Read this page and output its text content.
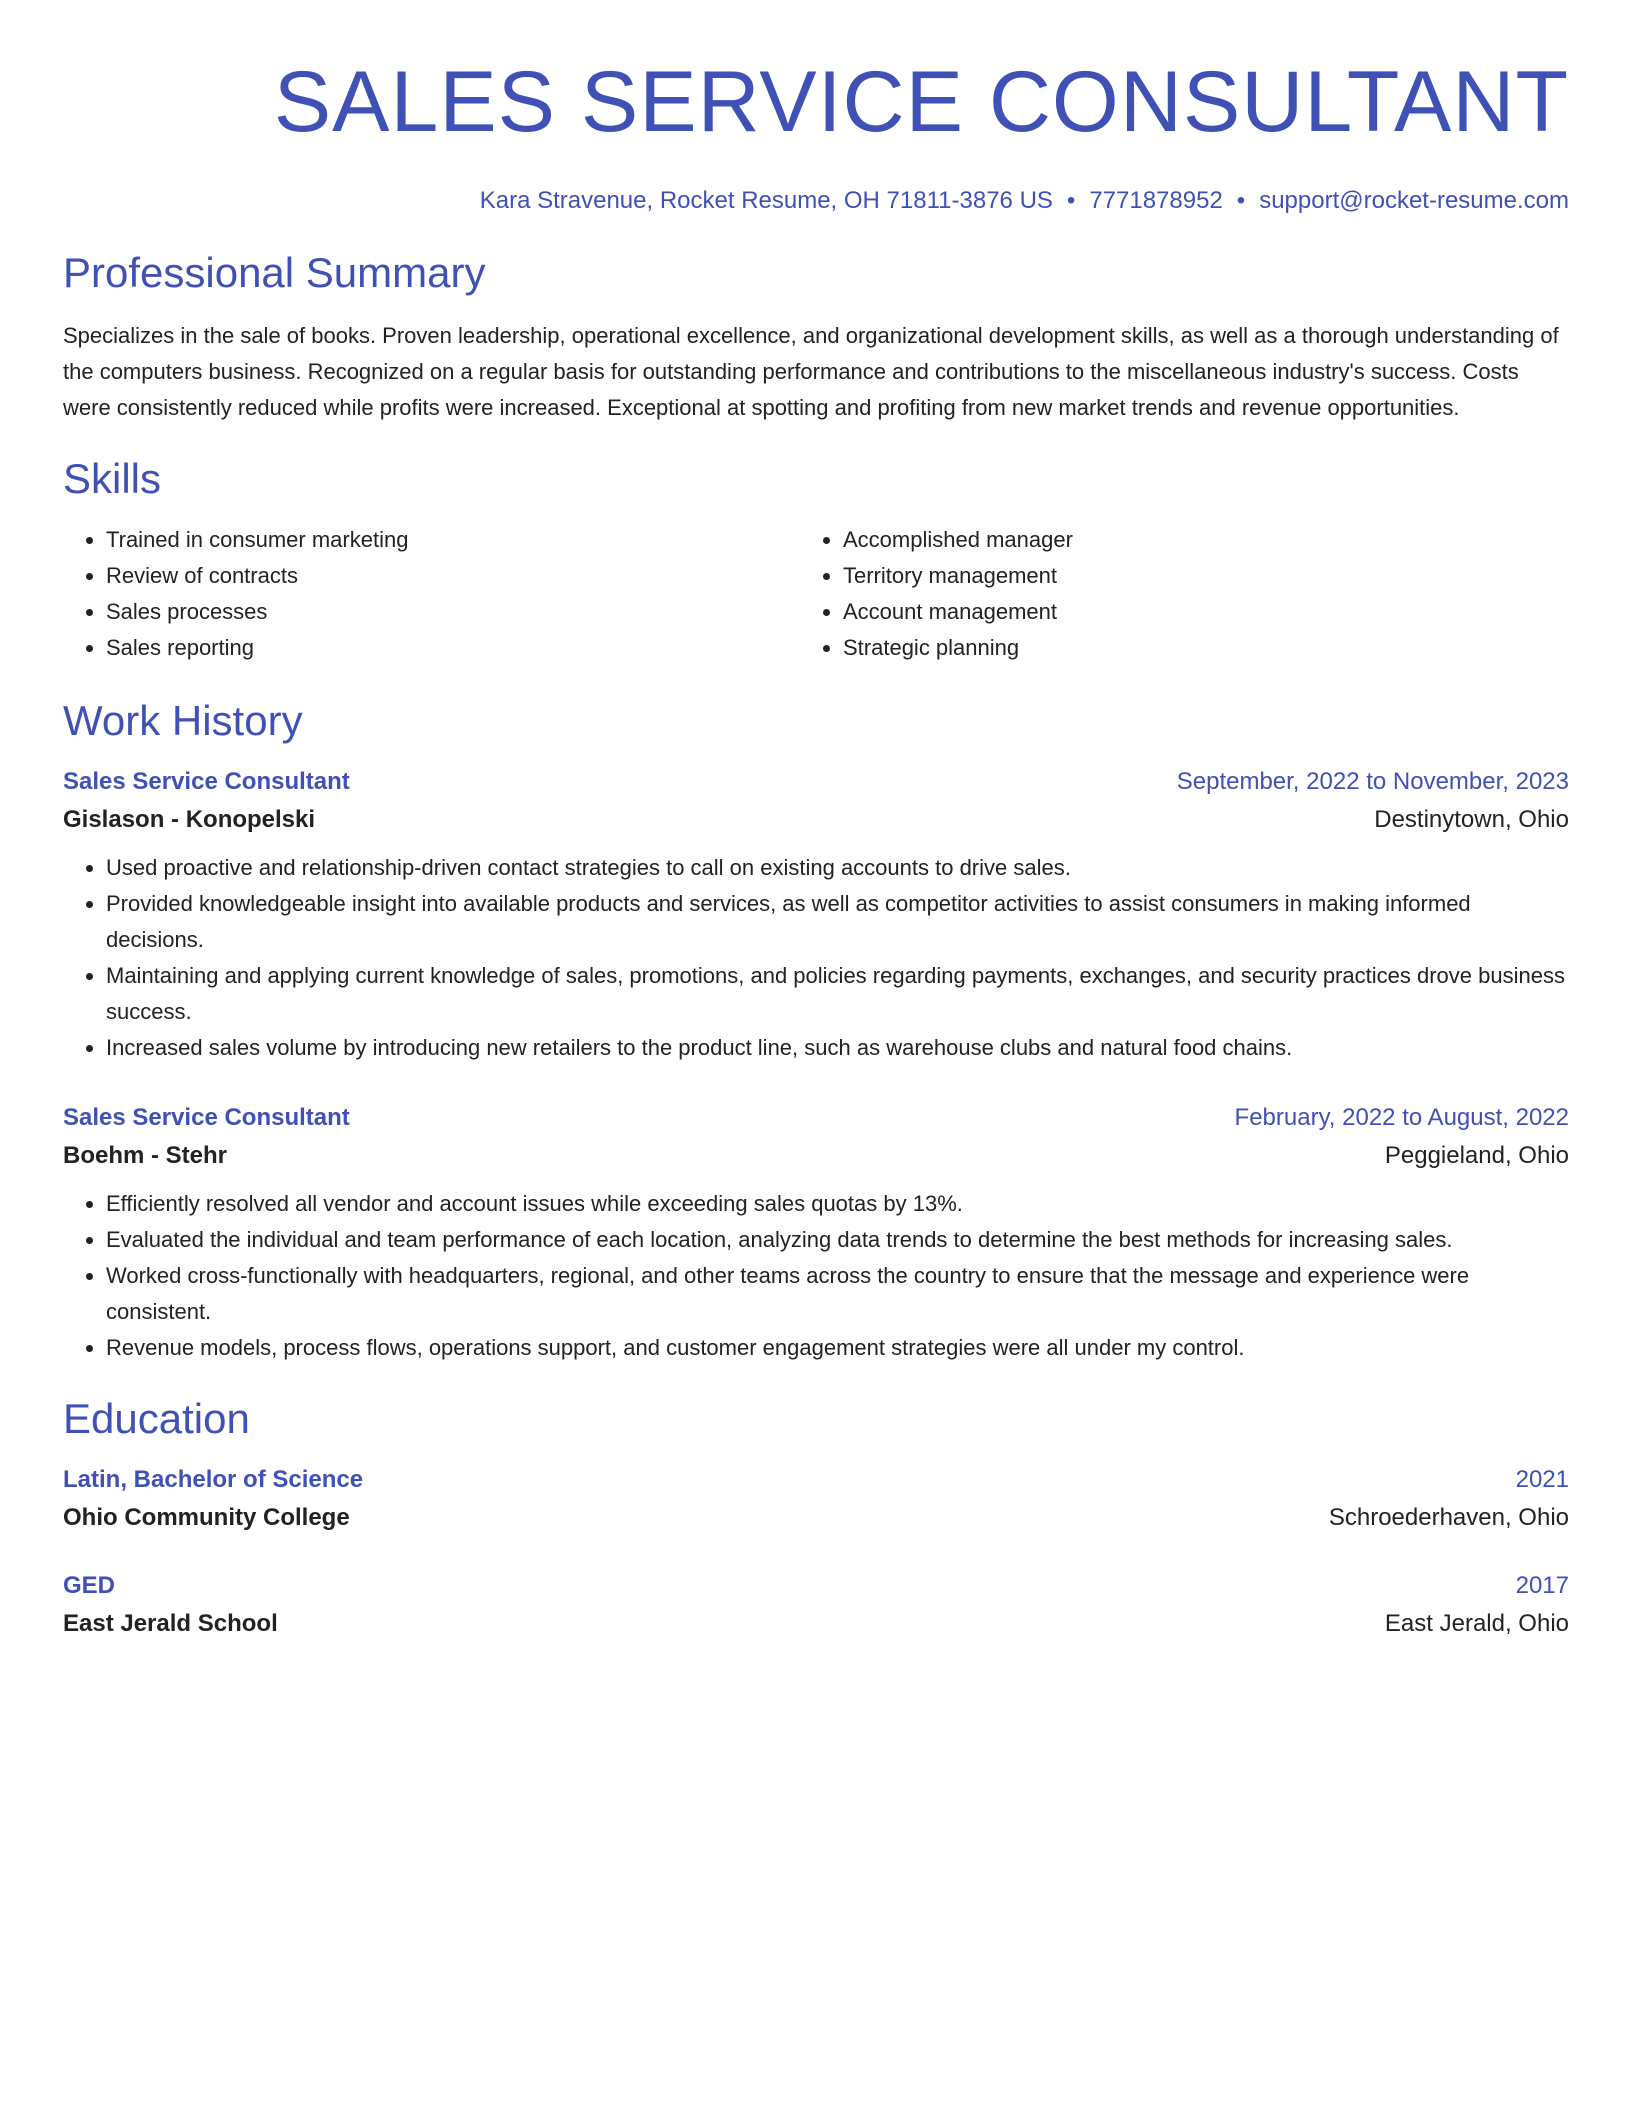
SALES SERVICE CONSULTANT
Kara Stravenue, Rocket Resume, OH 71811-3876 US • 7771878952 • support@rocket-resume.com
Professional Summary

Specializes in the sale of books. Proven leadership, operational excellence, and organizational development skills, as well as a thorough understanding of the computers business. Recognized on a regular basis for outstanding performance and contributions to the miscellaneous industry's success. Costs were consistently reduced while profits were increased. Exceptional at spotting and profiting from new market trends and revenue opportunities.

Skills
• Trained in consumer marketing
• Review of contracts
• Sales processes
• Sales reporting
• Accomplished manager
• Territory management
• Account management
• Strategic planning
Work History
Sales Service Consultant	September, 2022 to November, 2023
Gislason - Konopelski	Destinytown, Ohio
• Used proactive and relationship-driven contact strategies to call on existing accounts to drive sales.
• Provided knowledgeable insight into available products and services, as well as competitor activities to assist consumers in making informed decisions.
• Maintaining and applying current knowledge of sales, promotions, and policies regarding payments, exchanges, and security practices drove business success.
• Increased sales volume by introducing new retailers to the product line, such as warehouse clubs and natural food chains.
Sales Service Consultant	February, 2022 to August, 2022
Boehm - Stehr	Peggieland, Ohio
• Efficiently resolved all vendor and account issues while exceeding sales quotas by 13%.
• Evaluated the individual and team performance of each location, analyzing data trends to determine the best methods for increasing sales.
• Worked cross-functionally with headquarters, regional, and other teams across the country to ensure that the message and experience were consistent.
• Revenue models, process flows, operations support, and customer engagement strategies were all under my control.
Education
Latin, Bachelor of Science	2021
Ohio Community College	Schroederhaven, Ohio
GED	2017
East Jerald School	East Jerald, Ohio
